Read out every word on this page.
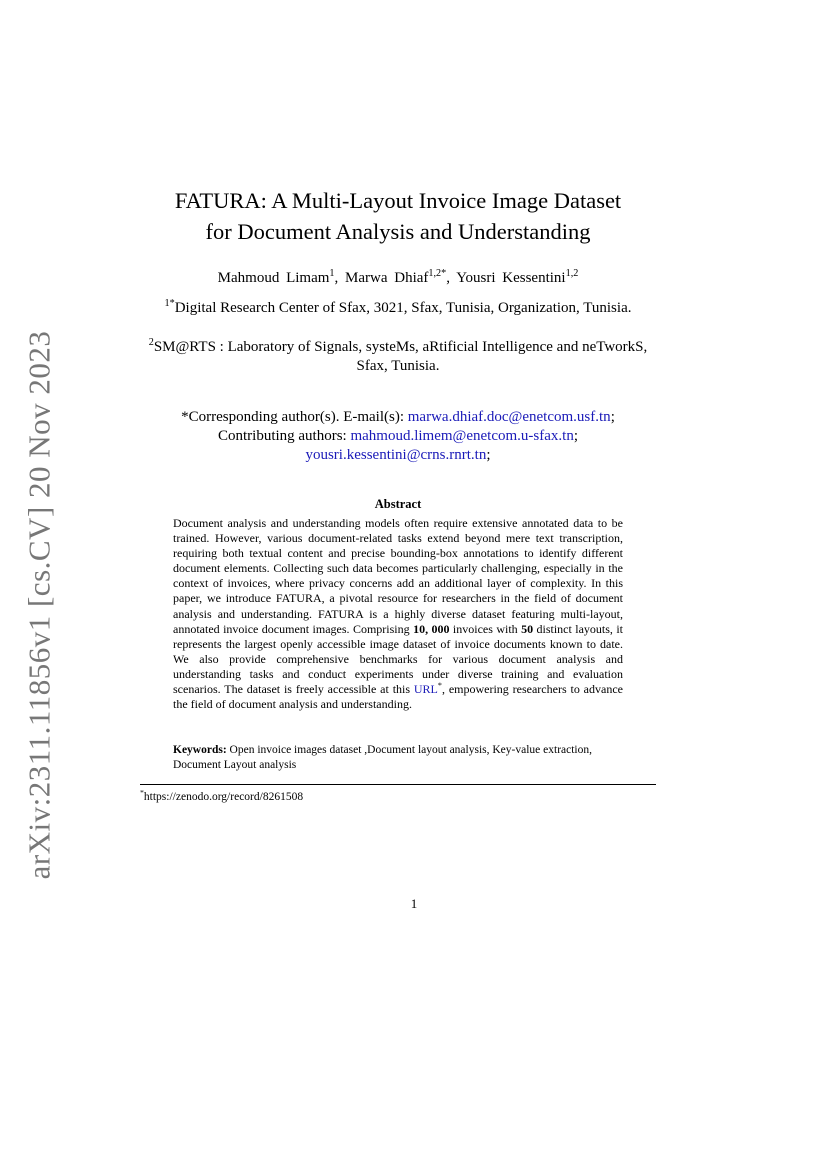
arXiv:2311.11856v1 [cs.CV] 20 Nov 2023
FATURA: A Multi-Layout Invoice Image Dataset
for Document Analysis and Understanding
Mahmoud Limam$^1$, Marwa Dhiaf$^{1,2*}$, Yousri Kessentini$^{1,2}$
$^{1*}$Digital Research Center of Sfax, 3021, Sfax, Tunisia, Organization, Tunisia.
$^2$SM@RTS : Laboratory of Signals, systeMs, aRtificial Intelligence and neTworkS, Sfax, Tunisia.
*Corresponding author(s). E-mail(s): marwa.dhiaf.doc@enetcom.usf.tn;
Contributing authors: mahmoud.limem@enetcom.u-sfax.tn;
yousri.kessentini@crns.rnrt.tn;
Abstract
Document analysis and understanding models often require extensive annotated data to be trained. However, various document-related tasks extend beyond mere text transcription, requiring both textual content and precise bounding-box annotations to identify different document elements. Collecting such data becomes particularly challenging, especially in the context of invoices, where privacy concerns add an additional layer of complexity. In this paper, we introduce FATURA, a pivotal resource for researchers in the field of document analysis and understanding. FATURA is a highly diverse dataset featuring multi-layout, annotated invoice document images. Comprising 10, 000 invoices with 50 distinct layouts, it represents the largest openly accessible image dataset of invoice documents known to date. We also provide comprehensive benchmarks for various document analysis and understanding tasks and conduct experiments under diverse training and evaluation scenarios. The dataset is freely accessible at this URL*, empowering researchers to advance the field of document analysis and understanding.
Keywords: Open invoice images dataset ,Document layout analysis, Key-value extraction, Document Layout analysis
*https://zenodo.org/record/8261508
1
